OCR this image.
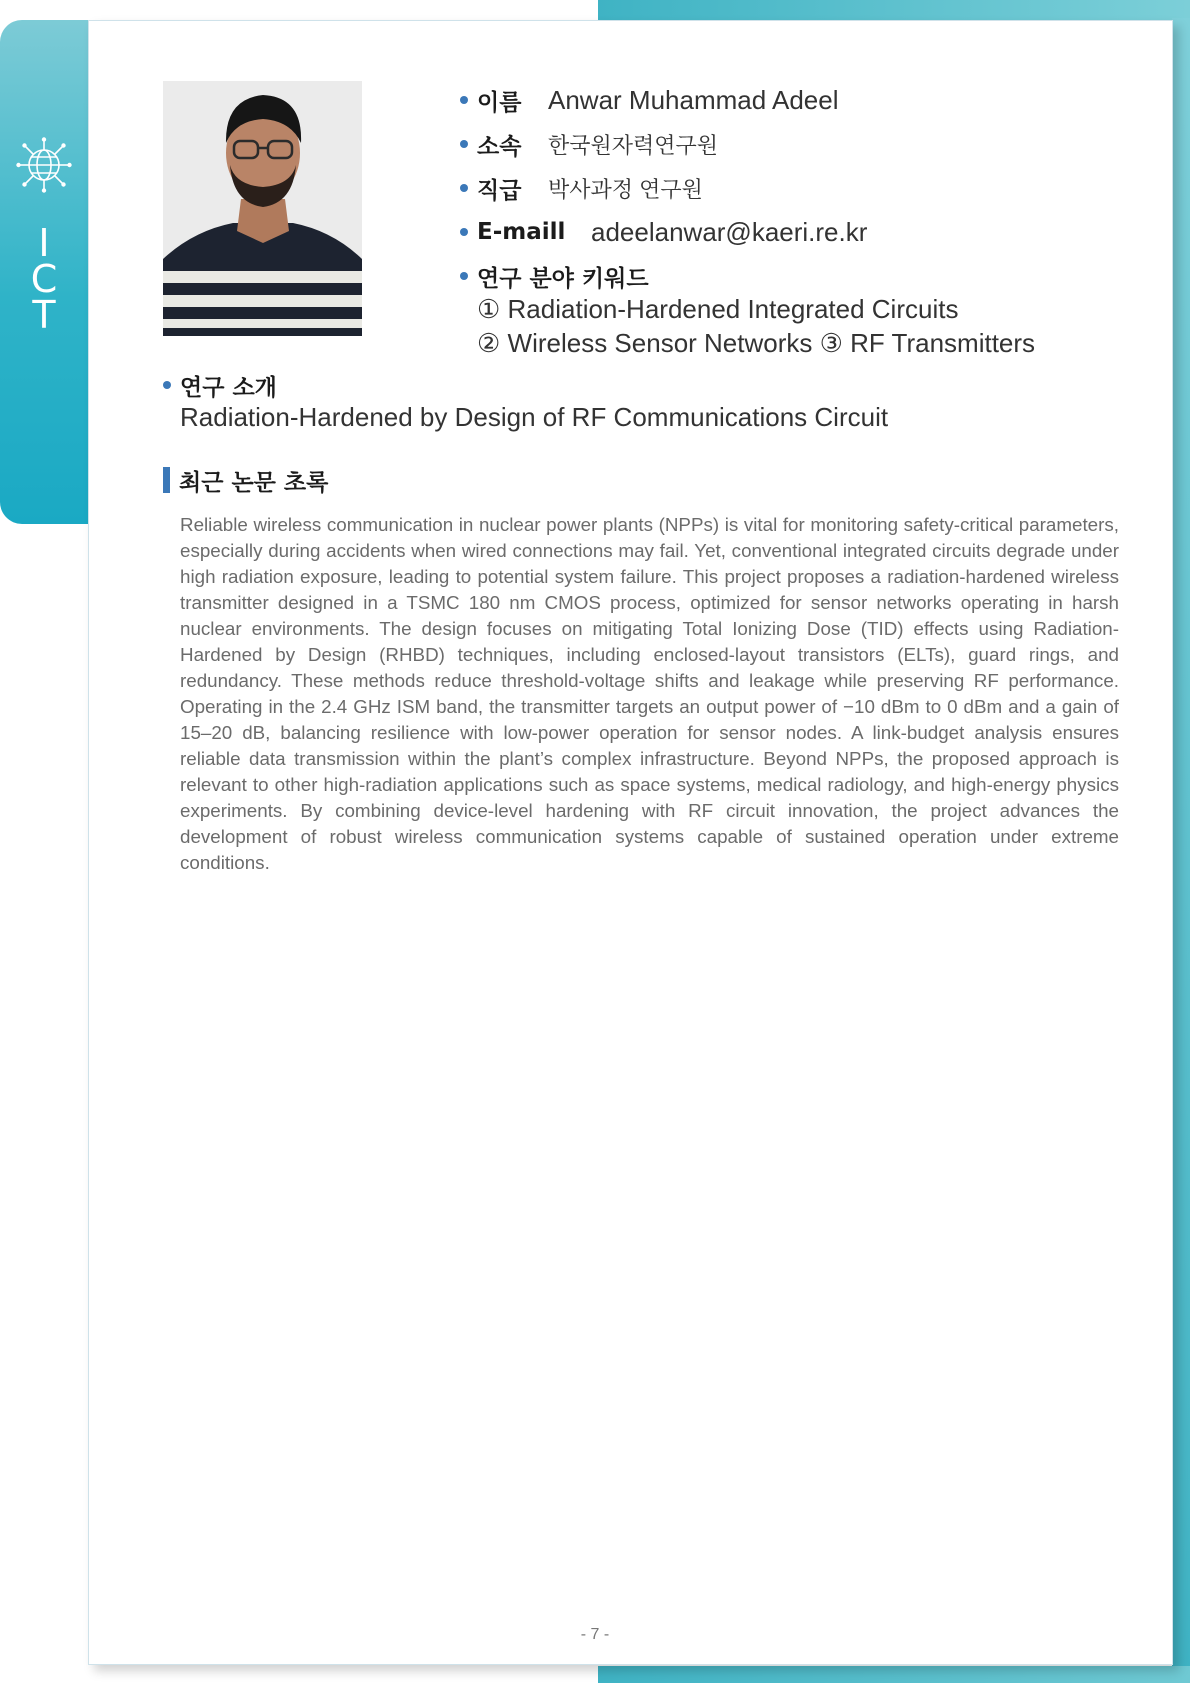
I
C
T
이름	Anwar Muhammad Adeel
소속	한국원자력연구원
직급	박사과정 연구원
E-maill adeelanwar@kaeri.re.kr
연구 분야 키워드
① Radiation-Hardened Integrated Circuits
② Wireless Sensor Networks ③ RF Transmitters
연구 소개
Radiation-Hardened by Design of RF Communications Circuit
최근 논문 초록

Reliable wireless communication in nuclear power plants (NPPs) is vital for monitoring safety-critical parameters, especially during accidents when wired connections may fail. Yet, conventional integrated circuits degrade under high radiation exposure, leading to potential system failure. This project proposes a radiation-hardened wireless transmitter designed in a TSMC 180 nm CMOS process, optimized for sensor networks operating in harsh nuclear environments. The design focuses on mitigating Total Ionizing Dose (TID) effects using Radiation-Hardened by Design (RHBD) techniques, including enclosed-layout transistors (ELTs), guard rings, and redundancy. These methods reduce threshold-voltage shifts and leakage while preserving RF performance. Operating in the 2.4 GHz ISM band, the transmitter targets an output power of −10 dBm to 0 dBm and a gain of 15–20 dB, balancing resilience with low-power operation for sensor nodes. A link-budget analysis ensures reliable data transmission within the plant’s complex infrastructure. Beyond NPPs, the proposed approach is relevant to other high-radiation applications such as space systems, medical radiology, and high-energy physics experiments. By combining device-level hardening with RF circuit innovation, the project advances the development of robust wireless communication systems capable of sustained operation under extreme conditions.

- 7 -
